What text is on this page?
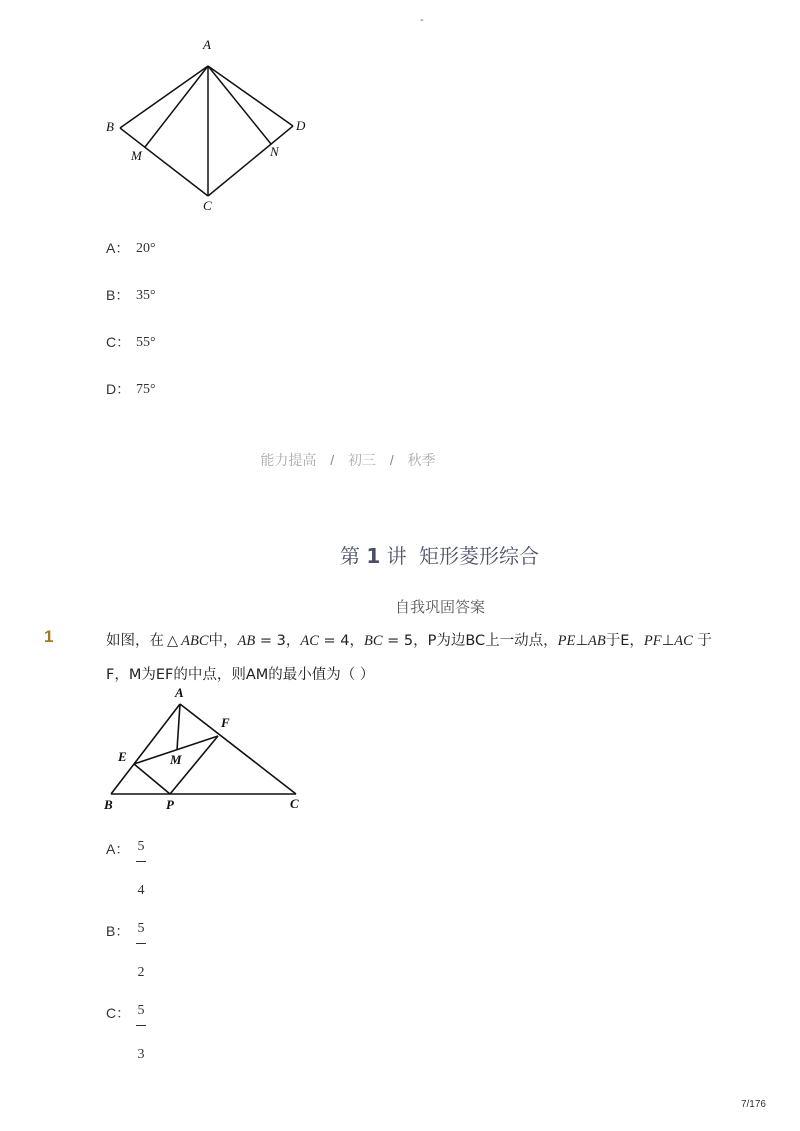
-
A
B	D
M	N
C
A： 20°
B： 35°
C： 55°
D： 75°
能力提高 / 初三 / 秋季
第 1 讲 矩形菱形综合
自我巩固答案
1	如图，在 △ ABC中，AB = 3，AC = 4，BC = 5，P为边BC上一动点，PE⊥AB于E，PF⊥AC 于
F，M为EF的中点，则AM的最小值为（ ）
A
F
E	M
B	P	C
A： 5
4
B： 5
2
C： 5
3
7/176
